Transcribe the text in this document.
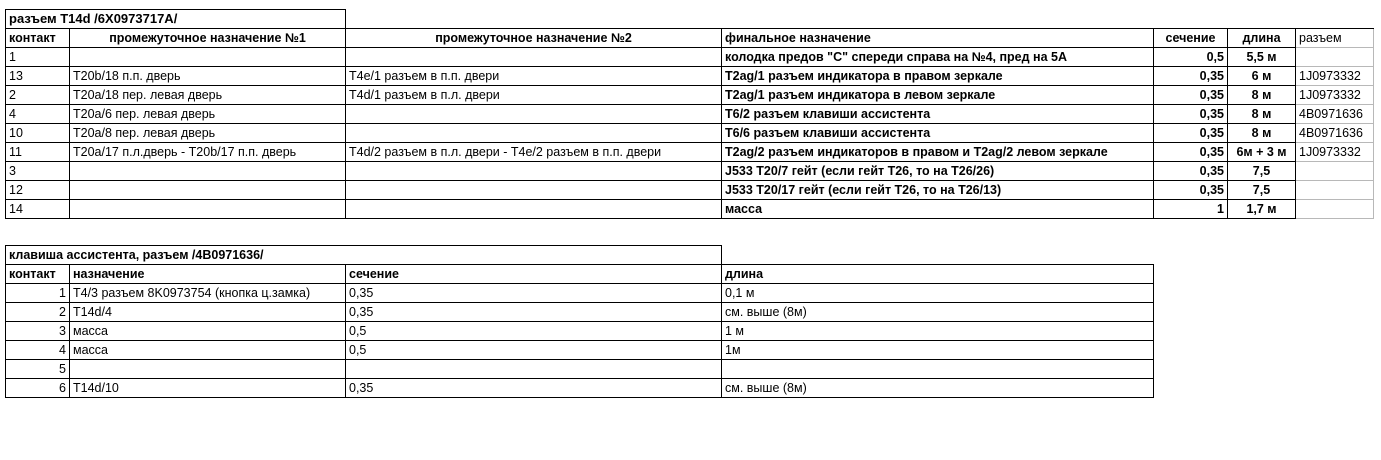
разъем T14d /6X0973717A/						
контакт	промежуточное назначение №1	промежуточное назначение №2	финальное назначение	сечение	длина	разъем
1			колодка предов "С" спереди справа на №4, пред на 5А	0,5	5,5 м	
13	T20b/18 п.п. дверь	T4e/1 разъем в п.п. двери	T2ag/1 разъем индикатора в правом зеркале	0,35	6 м	1J0973332
2	T20a/18 пер. левая дверь	T4d/1 разъем в п.л. двери	T2ag/1 разъем индикатора в левом зеркале	0,35	8 м	1J0973332
4	T20a/6 пер. левая дверь		T6/2 разъем клавиши ассистента	0,35	8 м	4B0971636
10	T20a/8 пер. левая дверь		T6/6 разъем клавиши ассистента	0,35	8 м	4B0971636
11	T20a/17 п.л.дверь - T20b/17 п.п. дверь	T4d/2 разъем в п.л. двери - T4e/2 разъем в п.п. двери	T2ag/2 разъем индикаторов в правом и T2ag/2 левом зеркале	0,35	6м + 3 м	1J0973332
3			J533 T20/7 гейт (если гейт T26, то на T26/26)	0,35	7,5	
12			J533 T20/17 гейт (если гейт T26, то на T26/13)	0,35	7,5	
14			масса	1	1,7 м	
клавиша ассистента, разъем /4B0971636/			
контакт	назначение	сечение	длина
1	T4/3 разъем 8K0973754 (кнопка ц.замка)	0,35	0,1 м
2	T14d/4	0,35	см. выше (8м)
3	масса	0,5	1 м
4	масса	0,5	1м
5			
6	T14d/10	0,35	см. выше (8м)
